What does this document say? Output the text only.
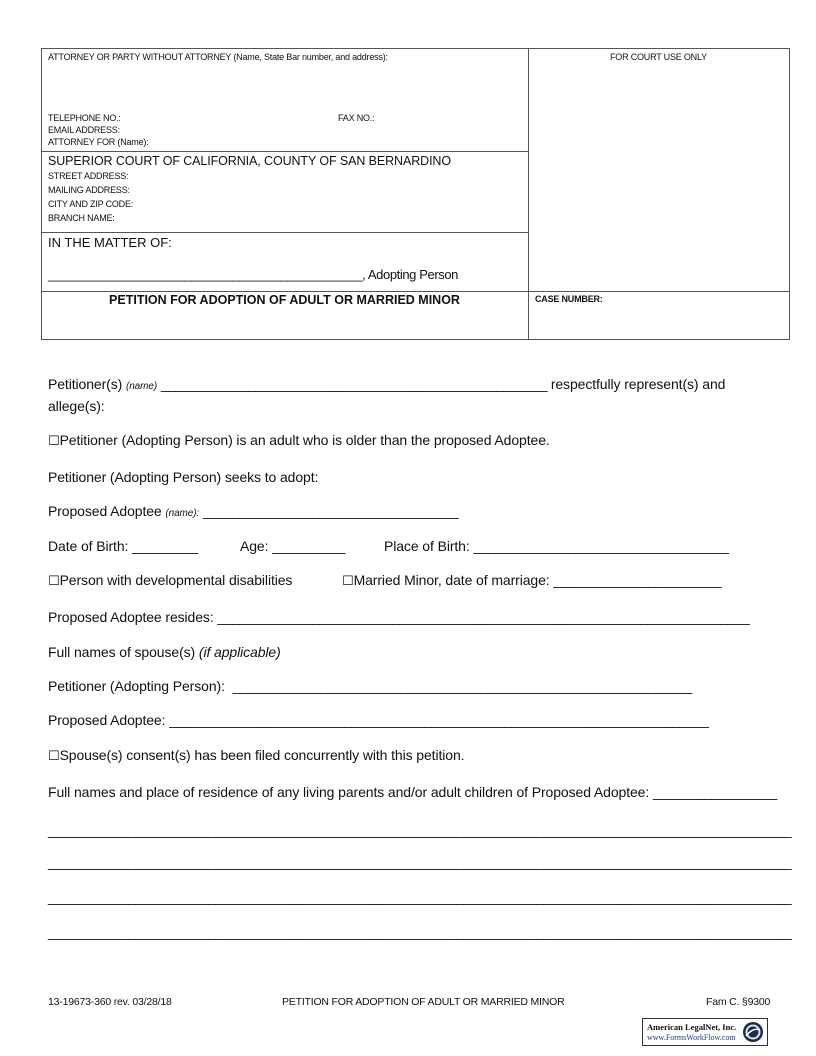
ATTORNEY OR PARTY WITHOUT ATTORNEY (Name, State Bar number, and address):	FOR COURT USE ONLY
TELEPHONE NO.:	FAX NO.:
EMAIL ADDRESS:
ATTORNEY FOR (Name):
SUPERIOR COURT OF CALIFORNIA, COUNTY OF SAN BERNARDINO
STREET ADDRESS:
MAILING ADDRESS:
CITY AND ZIP CODE:
BRANCH NAME:
IN THE MATTER OF:
______________________________________________, Adopting Person
PETITION FOR ADOPTION OF ADULT OR MARRIED MINOR	CASE NUMBER:
Petitioner(s) (name) _____________________________________________________ respectfully represent(s) and
allege(s):
☐Petitioner (Adopting Person) is an adult who is older than the proposed Adoptee.
Petitioner (Adopting Person) seeks to adopt:
Proposed Adoptee (name): ___________________________________
Date of Birth: _________	Age: __________	Place of Birth: ___________________________________
☐Person with developmental disabilities	☐Married Minor, date of marriage: _______________________
Proposed Adoptee resides: _________________________________________________________________________
Full names of spouse(s) (if applicable)
Petitioner (Adopting Person): _______________________________________________________________
Proposed Adoptee: __________________________________________________________________________
☐Spouse(s) consent(s) has been filed concurrently with this petition.
Full names and place of residence of any living parents and/or adult children of Proposed Adoptee: _________________
______________________________________________________________________________________________________
______________________________________________________________________________________________________
______________________________________________________________________________________________________
______________________________________________________________________________________________________
13-19673-360 rev. 03/28/18	PETITION FOR ADOPTION OF ADULT OR MARRIED MINOR	Fam C. §9300
American LegalNet, Inc.
www.FormsWorkFlow.com
